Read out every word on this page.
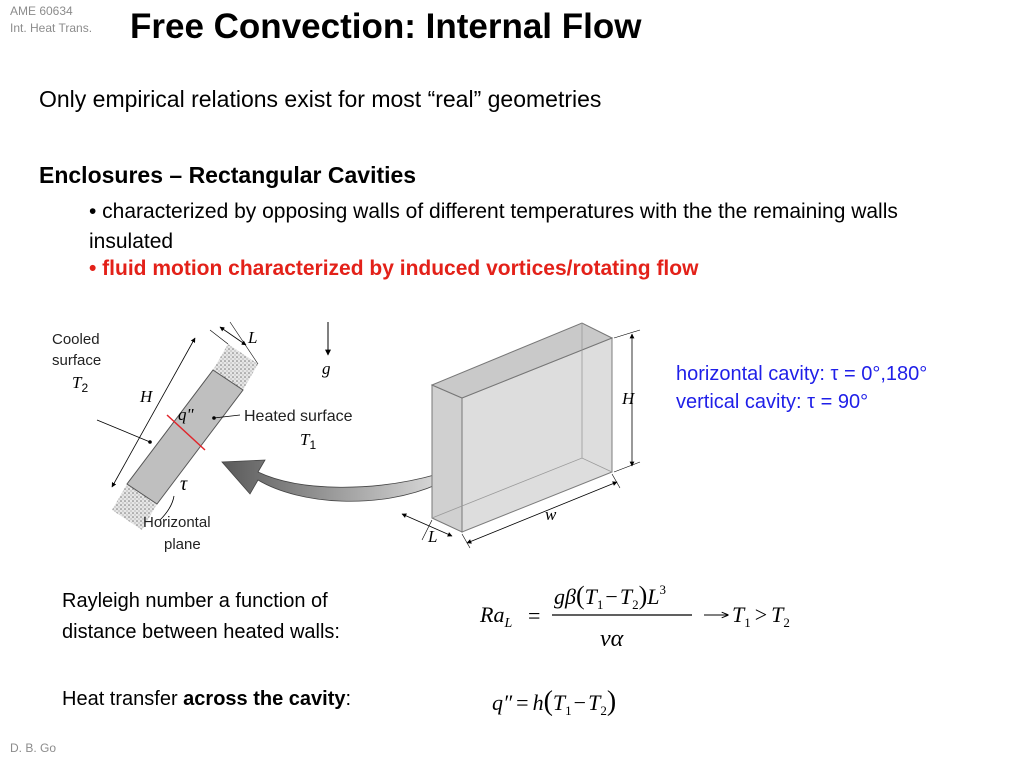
AME 60634
Int. Heat Trans. Free Convection: Internal Flow
Only empirical relations exist for most “real” geometries
Enclosures – Rectangular Cavities
• characterized by opposing walls of different temperatures with the the remaining walls insulated
• fluid motion characterized by induced vortices/rotating flow
Cooled
surface
$T_2$
L
H
q"	Heated surface
$T_1$
τ
Horizontal
plane
g
H
w
L
horizontal cavity: τ = 0°,180°
vertical cavity: τ = 90°
Rayleigh number a function of
distance between heated walls:
$Ra_L$ =
$g\beta(T_1-T_2)L^3$
να
$T_1 > T_2$
Heat transfer across the cavity:	$q'' = h(T_1-T_2)$
D. B. Go
